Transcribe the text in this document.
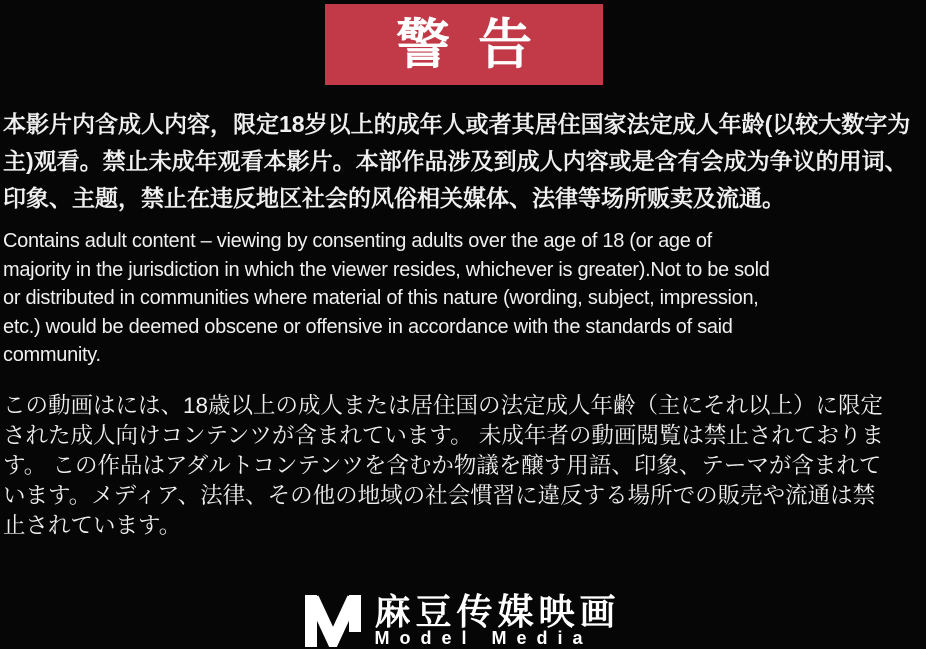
警告
本影片内含成人内容，限定18岁以上的成年人或者其居住国家法定成人年龄(以较大数字为
主)观看。禁止未成年观看本影片。本部作品涉及到成人内容或是含有会成为争议的用词、
印象、主题，禁止在违反地区社会的风俗相关媒体、法律等场所贩卖及流通。
Contains adult content – viewing by consenting adults over the age of 18 (or age of
majority in the jurisdiction in which the viewer resides, whichever is greater).Not to be sold
or distributed in communities where material of this nature (wording, subject, impression,
etc.) would be deemed obscene or offensive in accordance with the standards of said
community.
この動画はには、18歳以上の成人または居住国の法定成人年齢（主にそれ以上）に限定
された成人向けコンテンツが含まれています。 未成年者の動画閲覧は禁止されておりま
す。 この作品はアダルトコンテンツを含むか物議を醸す用語、印象、テーマが含まれて
います。メディア、法律、その他の地域の社会慣習に違反する場所での販売や流通は禁
止されています。
麻豆传媒映画
Model Media
